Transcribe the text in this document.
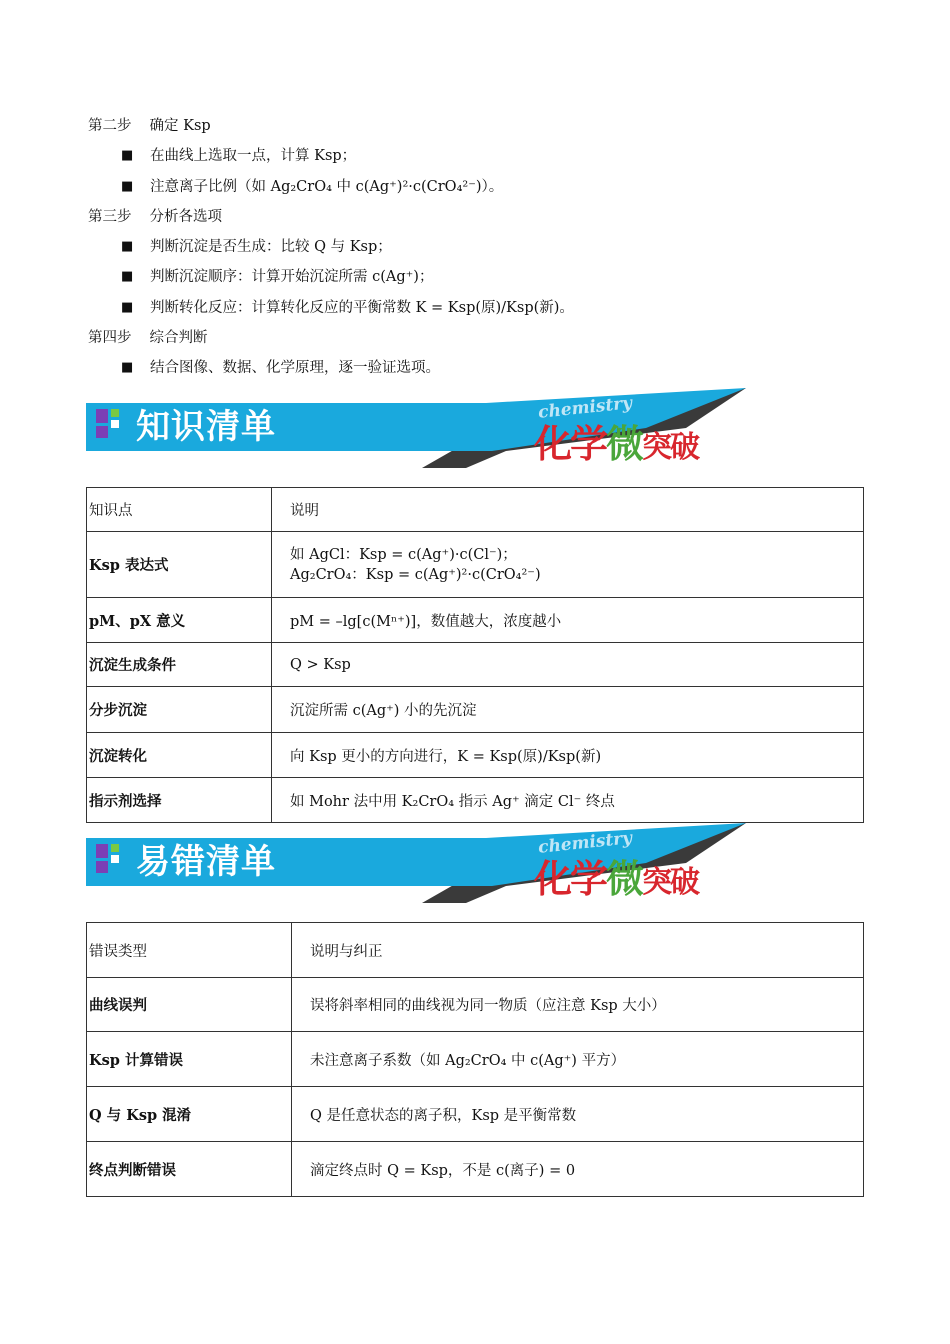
第二步 确定 Ksp
■ 在曲线上选取一点，计算 Ksp；
■ 注意离子比例（如 Ag₂CrO₄ 中 c(Ag⁺)²·c(CrO₄²⁻)）。
第三步 分析各选项
■ 判断沉淀是否生成：比较 Q 与 Ksp；
■ 判断沉淀顺序：计算开始沉淀所需 c(Ag⁺)；
■ 判断转化反应：计算转化反应的平衡常数 K = Ksp(原)/Ksp(新)。
第四步 综合判断
■ 结合图像、数据、化学原理，逐一验证选项。
知识清单	chemistry
化学微突破
知识点	说明
Ksp 表达式	如 AgCl：Ksp = c(Ag⁺)·c(Cl⁻)；
Ag₂CrO₄：Ksp = c(Ag⁺)²·c(CrO₄²⁻)

pM、pX 意义	pM = –lg[c(Mⁿ⁺)]，数值越大，浓度越小
沉淀生成条件	Q > Ksp
分步沉淀	沉淀所需 c(Ag⁺) 小的先沉淀
沉淀转化	向 Ksp 更小的方向进行，K = Ksp(原)/Ksp(新)
指示剂选择	如 Mohr 法中用 K₂CrO₄ 指示 Ag⁺ 滴定 Cl⁻ 终点
易错清单	chemistry
化学微突破
错误类型	说明与纠正
曲线误判	误将斜率相同的曲线视为同一物质（应注意 Ksp 大小）
Ksp 计算错误	未注意离子系数（如 Ag₂CrO₄ 中 c(Ag⁺) 平方）
Q 与 Ksp 混淆	Q 是任意状态的离子积，Ksp 是平衡常数
终点判断错误	滴定终点时 Q = Ksp，不是 c(离子) = 0
